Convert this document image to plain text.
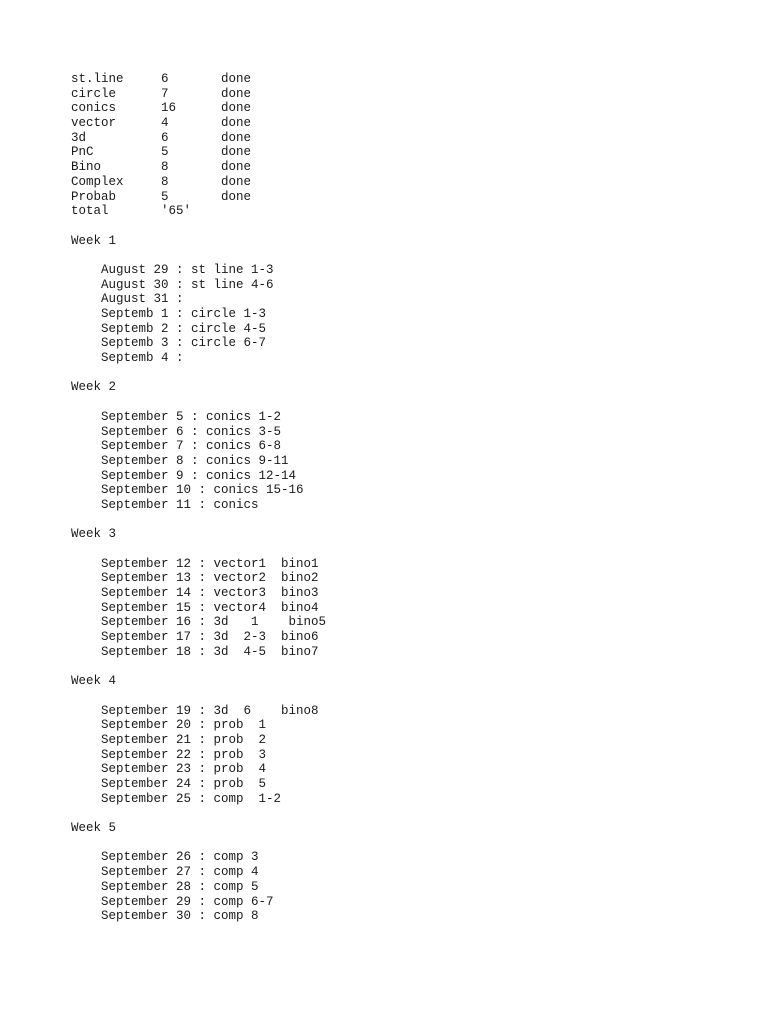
st.line     6       done
circle      7       done
conics      16      done
vector      4       done
3d          6       done
PnC         5       done
Bino        8       done
Complex     8       done
Probab      5       done
total       '65'
Week 1
August 29 : st line 1-3
August 30 : st line 4-6
August 31 :
Septemb 1 : circle 1-3
Septemb 2 : circle 4-5
Septemb 3 : circle 6-7
Septemb 4 :
Week 2
September 5 : conics 1-2
September 6 : conics 3-5
September 7 : conics 6-8
September 8 : conics 9-11
September 9 : conics 12-14
September 10 : conics 15-16
September 11 : conics
Week 3
September 12 : vector1  bino1
September 13 : vector2  bino2
September 14 : vector3  bino3
September 15 : vector4  bino4
September 16 : 3d   1    bino5
September 17 : 3d  2-3  bino6
September 18 : 3d  4-5  bino7
Week 4
September 19 : 3d  6    bino8
September 20 : prob  1
September 21 : prob  2
September 22 : prob  3
September 23 : prob  4
September 24 : prob  5
September 25 : comp  1-2
Week 5
September 26 : comp 3
September 27 : comp 4
September 28 : comp 5
September 29 : comp 6-7
September 30 : comp 8
